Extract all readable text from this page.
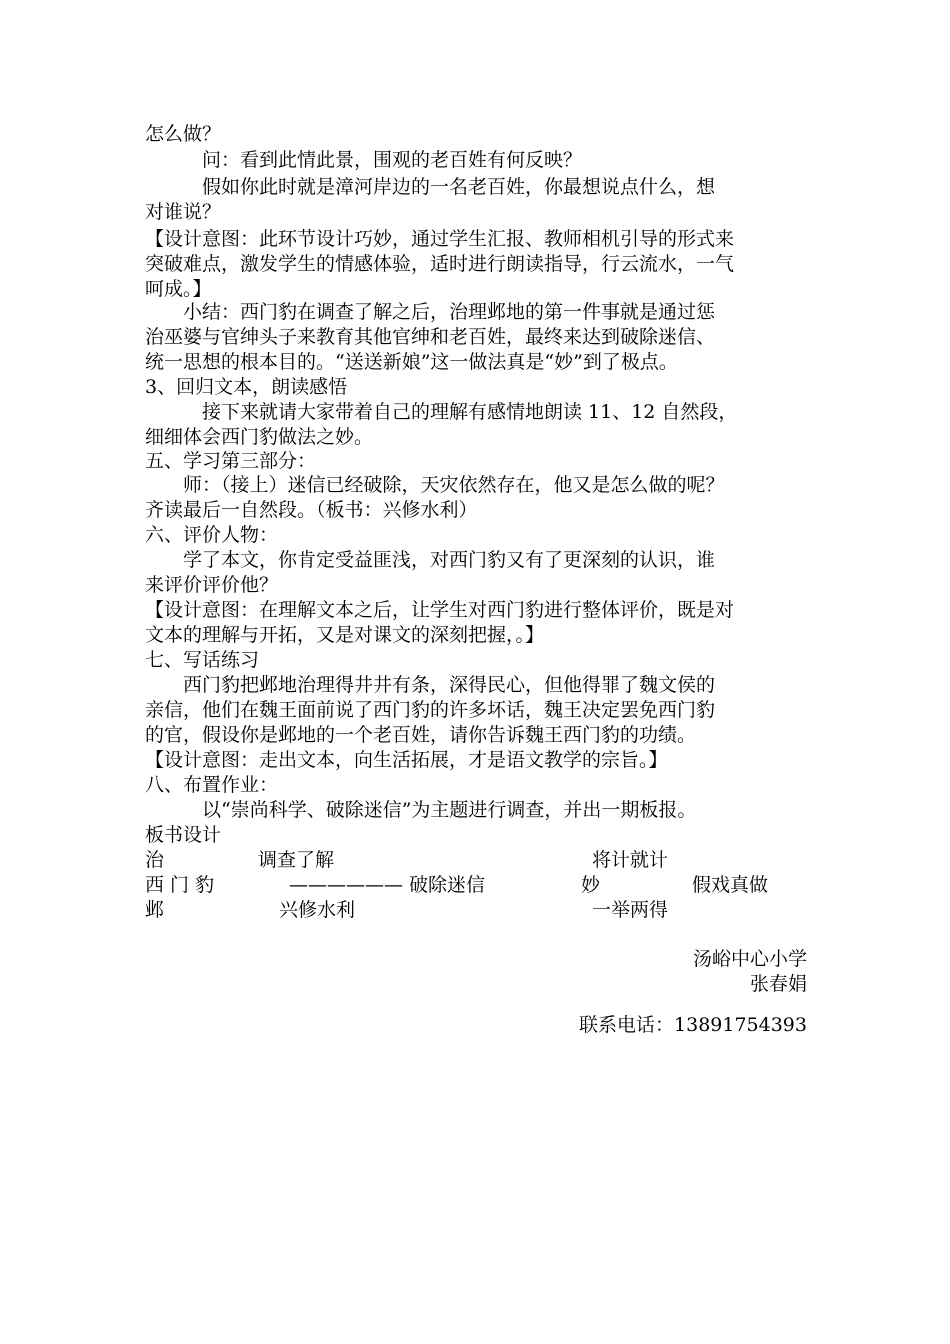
怎么做？
　　　问：看到此情此景，围观的老百姓有何反映？
　　　假如你此时就是漳河岸边的一名老百姓，你最想说点什么，想
对谁说？
【设计意图：此环节设计巧妙，通过学生汇报、教师相机引导的形式来
突破难点，激发学生的情感体验，适时进行朗读指导，行云流水，一气
呵成。】
　　小结：西门豹在调查了解之后，治理邺地的第一件事就是通过惩
治巫婆与官绅头子来教育其他官绅和老百姓，最终来达到破除迷信、
统一思想的根本目的。“送送新娘”这一做法真是“妙”到了极点。
3、回归文本，朗读感悟
　　　接下来就请大家带着自己的理解有感情地朗读 11、12 自然段，
细细体会西门豹做法之妙。
五、学习第三部分：
　　师：（接上）迷信已经破除，天灾依然存在，他又是怎么做的呢？
齐读最后一自然段。（板书：兴修水利）
六、评价人物：
　　学了本文，你肯定受益匪浅，对西门豹又有了更深刻的认识，谁
来评价评价他？
【设计意图：在理解文本之后，让学生对西门豹进行整体评价，既是对
文本的理解与开拓，又是对课文的深刻把握，。】
七、写话练习
　　西门豹把邺地治理得井井有条，深得民心，但他得罪了魏文侯的
亲信，他们在魏王面前说了西门豹的许多坏话，魏王决定罢免西门豹
的官，假设你是邺地的一个老百姓，请你告诉魏王西门豹的功绩。
【设计意图：走出文本，向生活拓展，才是语文教学的宗旨。】
八、布置作业：
　　　以“崇尚科学、破除迷信”为主题进行调查，并出一期板报。
板书设计
治	调查了解	将计就计
西 门 豹	—————— 破除迷信	妙	假戏真做
邺	兴修水利	一举两得
汤峪中心小学
张春娟
联系电话：13891754393
